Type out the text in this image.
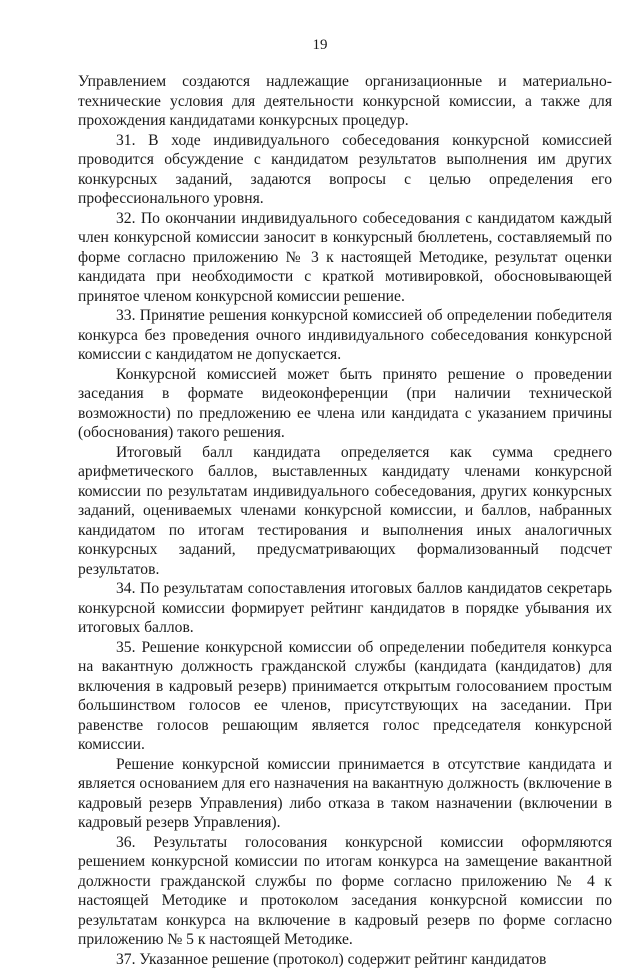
19

Управлением создаются надлежащие организационные и материально-технические условия для деятельности конкурсной комиссии, а также для прохождения кандидатами конкурсных процедур.

31. В ходе индивидуального собеседования конкурсной комиссией проводится обсуждение с кандидатом результатов выполнения им других конкурсных заданий, задаются вопросы с целью определения его профессионального уровня.

32. По окончании индивидуального собеседования с кандидатом каждый член конкурсной комиссии заносит в конкурсный бюллетень, составляемый по форме согласно приложению № 3 к настоящей Методике, результат оценки кандидата при необходимости с краткой мотивировкой, обосновывающей принятое членом конкурсной комиссии решение.

33. Принятие решения конкурсной комиссией об определении победителя конкурса без проведения очного индивидуального собеседования конкурсной комиссии с кандидатом не допускается.

Конкурсной комиссией может быть принято решение о проведении заседания в формате видеоконференции (при наличии технической возможности) по предложению ее члена или кандидата с указанием причины (обоснования) такого решения.

Итоговый балл кандидата определяется как сумма среднего арифметического баллов, выставленных кандидату членами конкурсной комиссии по результатам индивидуального собеседования, других конкурсных заданий, оцениваемых членами конкурсной комиссии, и баллов, набранных кандидатом по итогам тестирования и выполнения иных аналогичных конкурсных заданий, предусматривающих формализованный подсчет результатов.

34. По результатам сопоставления итоговых баллов кандидатов секретарь конкурсной комиссии формирует рейтинг кандидатов в порядке убывания их итоговых баллов.

35. Решение конкурсной комиссии об определении победителя конкурса на вакантную должность гражданской службы (кандидата (кандидатов) для включения в кадровый резерв) принимается открытым голосованием простым большинством голосов ее членов, присутствующих на заседании. При равенстве голосов решающим является голос председателя конкурсной комиссии.

Решение конкурсной комиссии принимается в отсутствие кандидата и является основанием для его назначения на вакантную должность (включение в кадровый резерв Управления) либо отказа в таком назначении (включении в кадровый резерв Управления).

36. Результаты голосования конкурсной комиссии оформляются решением конкурсной комиссии по итогам конкурса на замещение вакантной должности гражданской службы по форме согласно приложению № 4 к настоящей Методике и протоколом заседания конкурсной комиссии по результатам конкурса на включение в кадровый резерв по форме согласно приложению № 5 к настоящей Методике.

37. Указанное решение (протокол) содержит рейтинг кандидатов
